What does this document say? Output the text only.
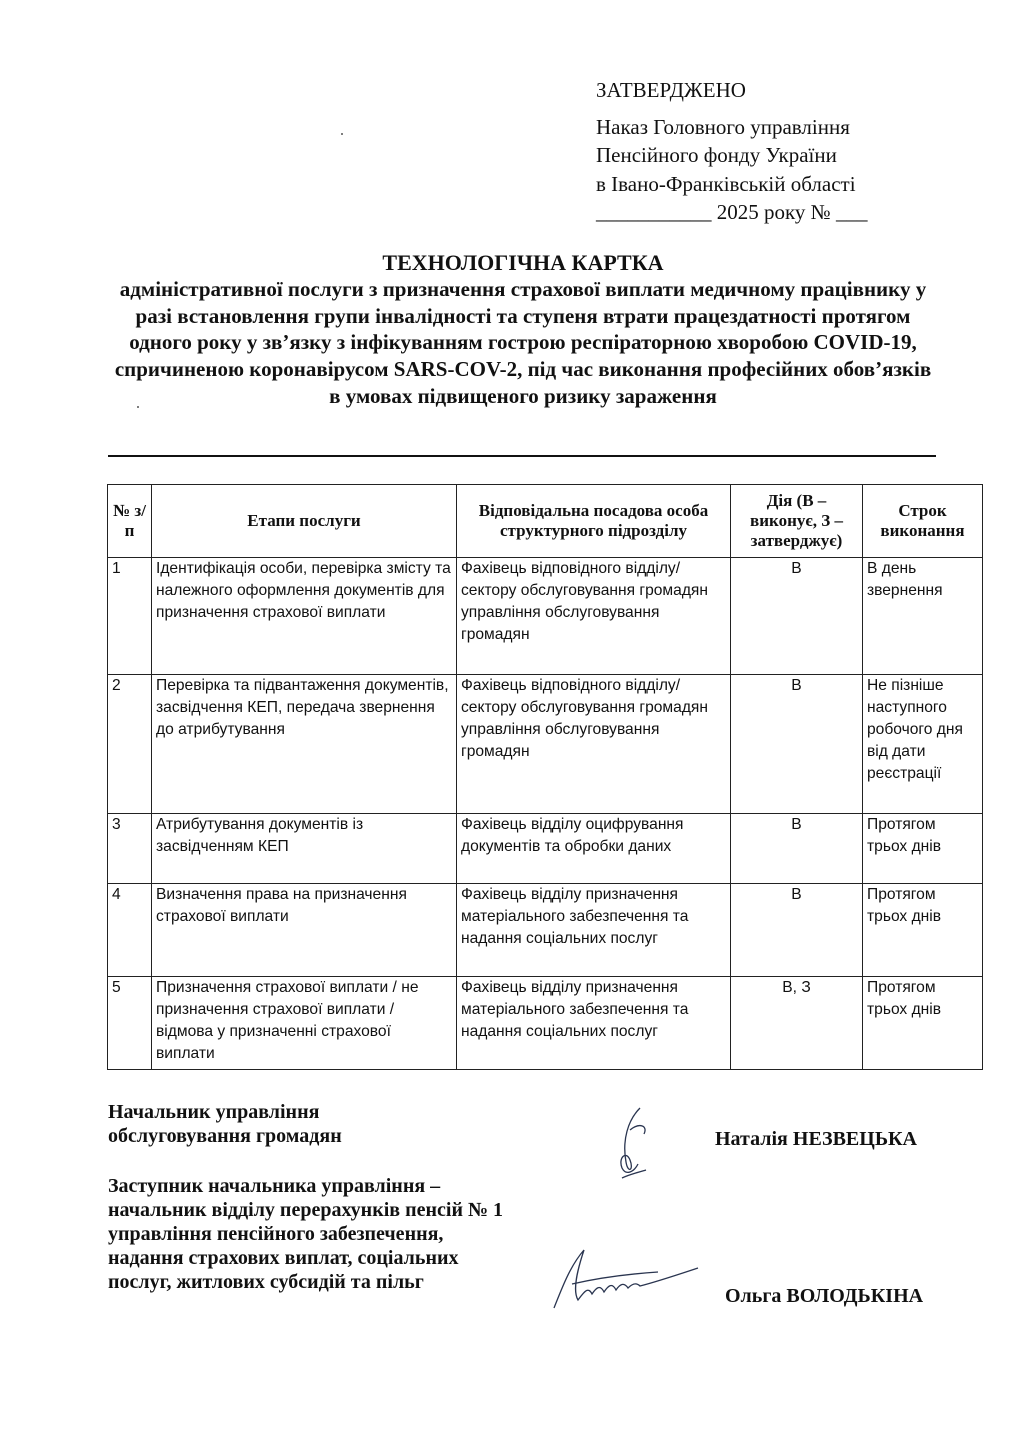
ЗАТВЕРДЖЕНО
Наказ Головного управління
Пенсійного фонду України
в Івано-Франківській області
___________ 2025 року № ___
ТЕХНОЛОГІЧНА КАРТКА
адміністративної послуги з призначення страхової виплати медичному працівнику у разі встановлення групи інвалідності та ступеня втрати працездатності протягом одного року у зв’язку з інфікуванням гострою респіраторною хворобою COVID-19, спричиненою коронавірусом SARS-COV-2, під час виконання професійних обов’язків в умовах підвищеного ризику зараження
№ з/п	Етапи послуги	Відповідальна посадова особа структурного підрозділу	Дія (В – виконує, З – затверджує)	Строк виконання
1	Ідентифікація особи, перевірка змісту та належного оформлення документів для призначення страхової виплати	Фахівець відповідного відділу/сектору обслуговування громадян управління обслуговування громадян	В	В день звернення
2	Перевірка та підвантаження документів, засвідчення КЕП, передача звернення до атрибутування	Фахівець відповідного відділу/сектору обслуговування громадян управління обслуговування громадян	В	Не пізніше наступного робочого дня від дати реєстрації
3	Атрибутування документів із засвідченням КЕП	Фахівець відділу оцифрування документів та обробки даних	В	Протягом трьох днів
4	Визначення права на призначення страхової виплати	Фахівець відділу призначення матеріального забезпечення та надання соціальних послуг	В	Протягом трьох днів
5	Призначення страхової виплати / не призначення страхової виплати / відмова у призначенні страхової виплати	Фахівець відділу призначення матеріального забезпечення та надання соціальних послуг	В, З	Протягом трьох днів
Начальник управління
обслуговування громадян	Наталія НЕЗВЕЦЬКА
Заступник начальника управління –
начальник відділу перерахунків пенсій № 1
управління пенсійного забезпечення,
надання страхових виплат, соціальних
послуг, житлових субсидій та пільг
Ольга ВОЛОДЬКІНА
